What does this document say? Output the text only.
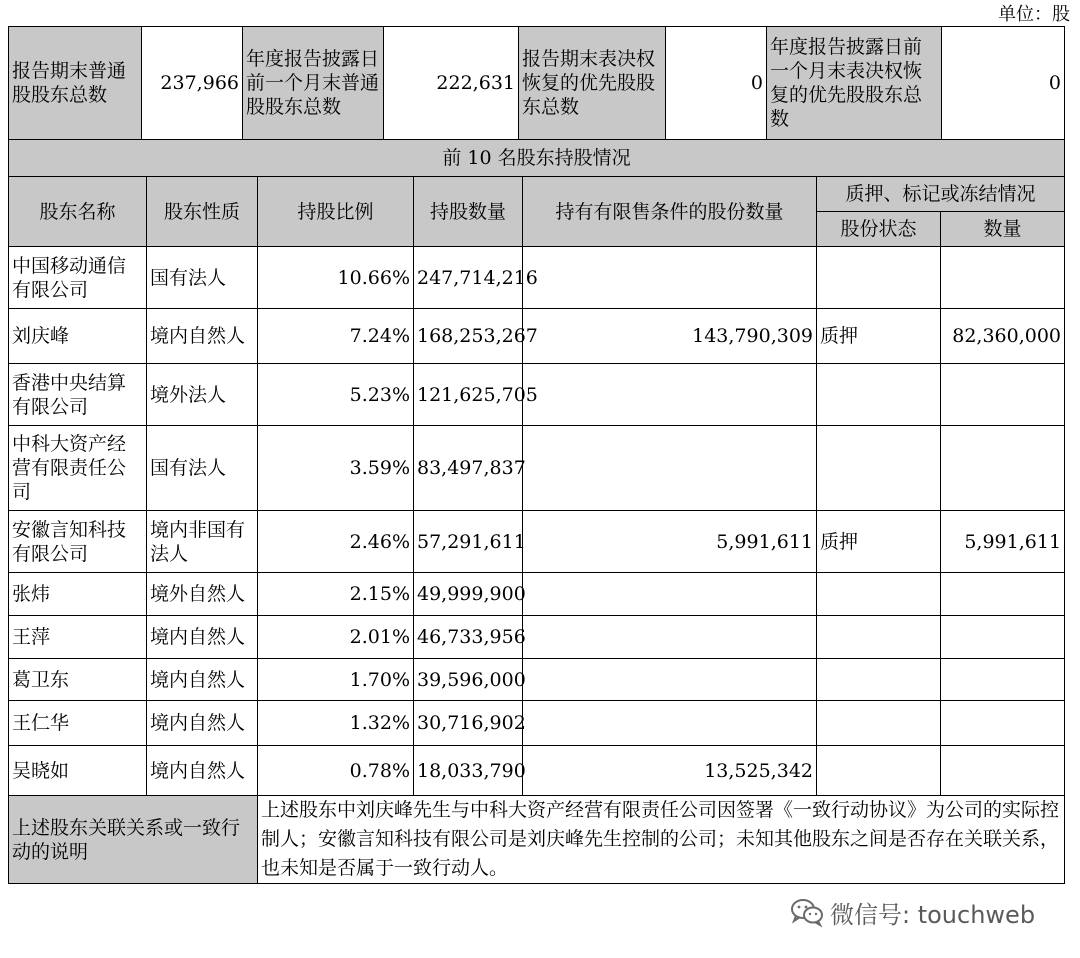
单位：股
报告期末普通股股东总数	237,966	年度报告披露日前一个月末普通股股东总数	222,631	报告期末表决权恢复的优先股股东总数	0	年度报告披露日前一个月末表决权恢复的优先股股东总数	0
前 10 名股东持股情况						
股东名称	股东性质	持股比例	持股数量	持有有限售条件的股份数量	质押、标记或冻结情况	
					股份状态	数量
中国移动通信有限公司	国有法人	10.66%	247,714,216			
刘庆峰	境内自然人	7.24%	168,253,267	143,790,309	质押	82,360,000
香港中央结算有限公司	境外法人	5.23%	121,625,705			
中科大资产经营有限责任公司	国有法人	3.59%	83,497,837			
安徽言知科技有限公司	境内非国有法人	2.46%	57,291,611	5,991,611	质押	5,991,611
张炜	境外自然人	2.15%	49,999,900			
王萍	境内自然人	2.01%	46,733,956			
葛卫东	境内自然人	1.70%	39,596,000			
王仁华	境内自然人	1.32%	30,716,902			
吴晓如	境内自然人	0.78%	18,033,790	13,525,342		
上述股东关联关系或一致行动的说明		上述股东中刘庆峰先生与中科大资产经营有限责任公司因签署《一致行动协议》为公司的实际控制人；安徽言知科技有限公司是刘庆峰先生控制的公司；未知其他股东之间是否存在关联关系，也未知是否属于一致行动人。				
微信号: touchweb
